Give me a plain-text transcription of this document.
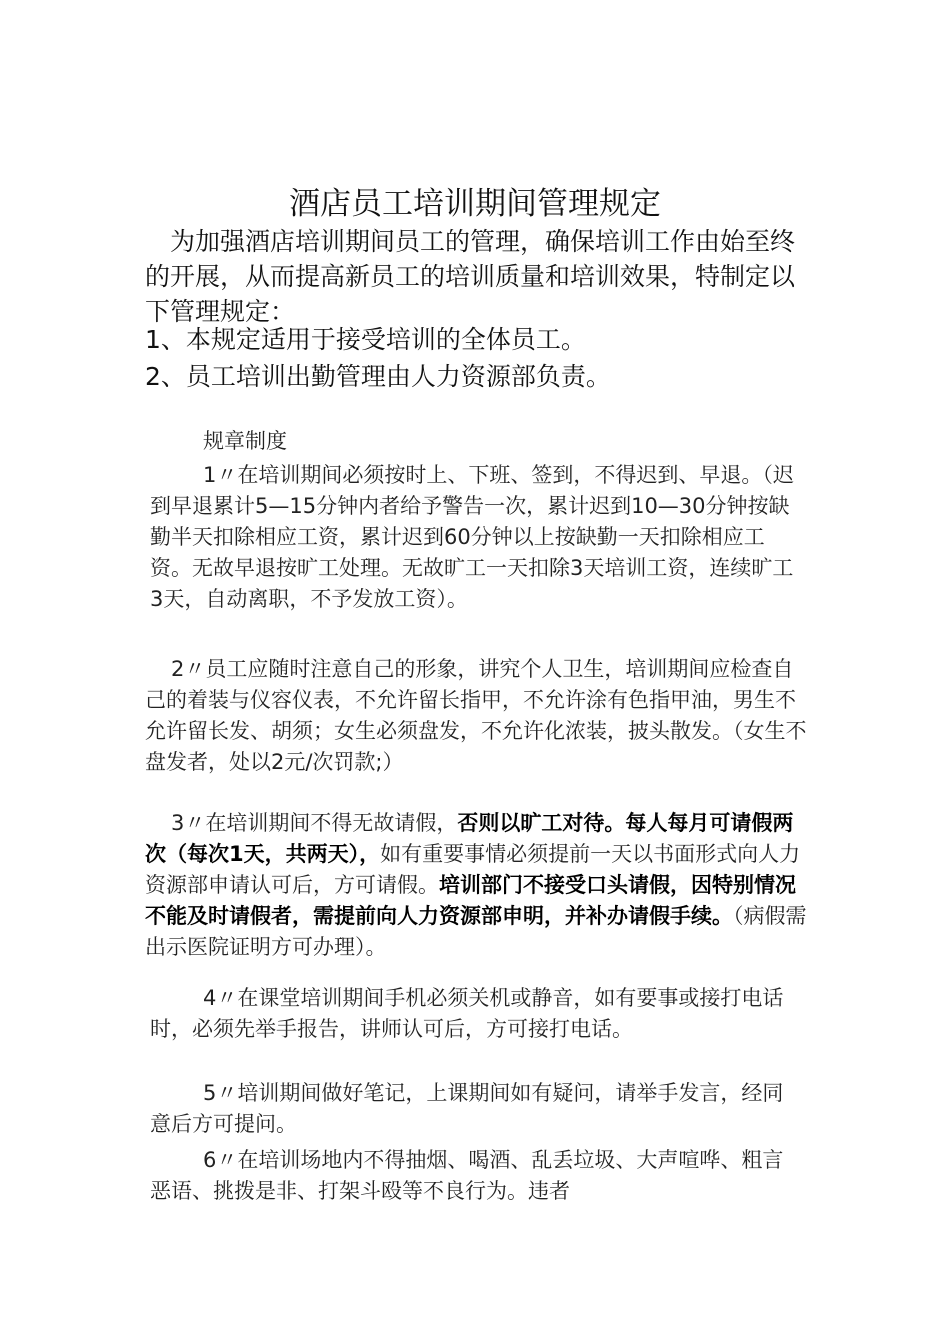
酒店员工培训期间管理规定

为加强酒店培训期间员工的管理，确保培训工作由始至终的开展，从而提高新员工的培训质量和培训效果，特制定以下管理规定：

1、本规定适用于接受培训的全体员工。

2、员工培训出勤管理由人力资源部负责。

规章制度

1〃在培训期间必须按时上、下班、签到，不得迟到、早退。（迟到早退累计5—15分钟内者给予警告一次，累计迟到10—30分钟按缺勤半天扣除相应工资，累计迟到60分钟以上按缺勤一天扣除相应工资。无故早退按旷工处理。无故旷工一天扣除3天培训工资，连续旷工3天，自动离职，不予发放工资）。

2〃员工应随时注意自己的形象，讲究个人卫生，培训期间应检查自己的着装与仪容仪表，不允许留长指甲，不允许涂有色指甲油，男生不允许留长发、胡须；女生必须盘发，不允许化浓装，披头散发。（女生不盘发者，处以2元/次罚款;）

3〃在培训期间不得无故请假，否则以旷工对待。每人每月可请假两次（每次1天，共两天），如有重要事情必须提前一天以书面形式向人力资源部申请认可后，方可请假。培训部门不接受口头请假，因特别情况不能及时请假者，需提前向人力资源部申明，并补办请假手续。（病假需出示医院证明方可办理）。

4〃在课堂培训期间手机必须关机或静音，如有要事或接打电话时，必须先举手报告，讲师认可后，方可接打电话。

5〃培训期间做好笔记，上课期间如有疑问，请举手发言，经同意后方可提问。

6〃在培训场地内不得抽烟、喝酒、乱丢垃圾、大声喧哗、粗言恶语、挑拨是非、打架斗殴等不良行为。违者
